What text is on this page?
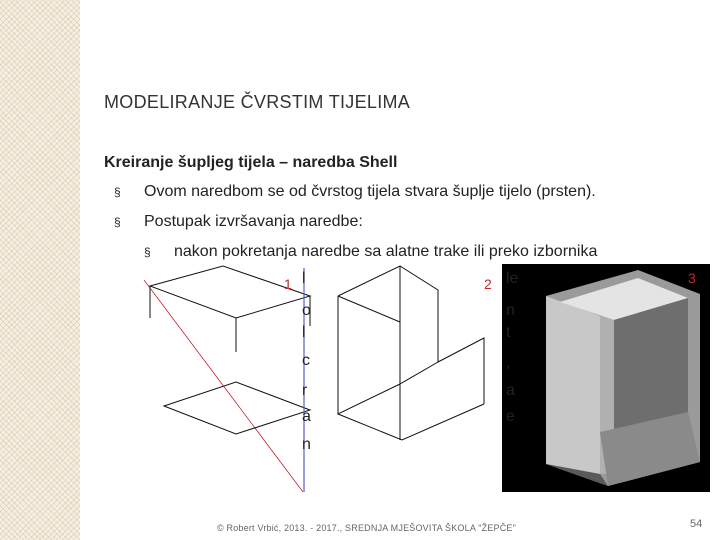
MODELIRANJE ČVRSTIM TIJELIMA
Kreiranje šupljeg tijela – naredba Shell
§ Ovom naredbom se od čvrstog tijela stvara šuplje tijelo (prsten).
§ Postupak izvršavanja naredbe:
§ nakon pokretanja naredbe sa alatne trake ili preko izbornika
l
o
l
c
r
a
n
le
n
t
,
a
e
1	2	3
© Robert Vrbić, 2013. - 2017., SREDNJA MJEŠOVITA ŠKOLA "ŽEPČE"	54
